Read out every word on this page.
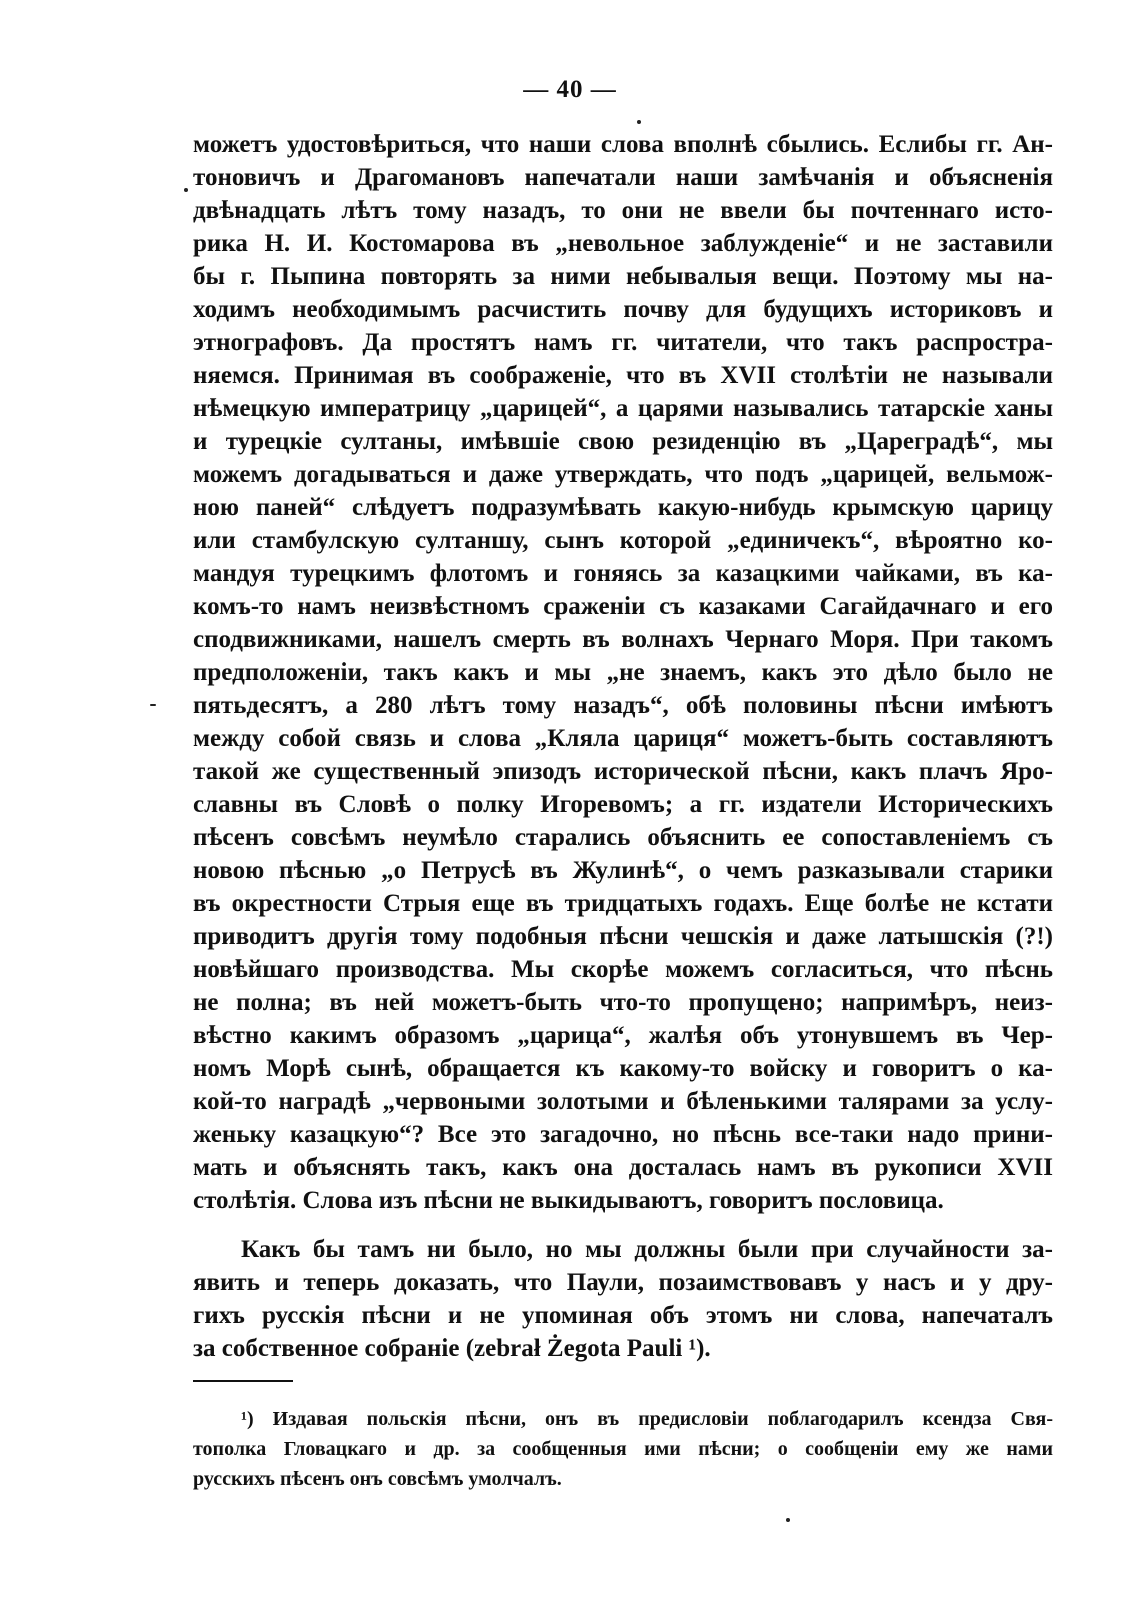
— 40 —
можетъ удостовѣриться, что наши слова вполнѣ сбылись. Еслибы гг. Ан-
тоновичъ и Драгомановъ напечатали наши замѣчанія и объясненія
двѣнадцать лѣтъ тому назадъ, то они не ввели бы почтеннаго исто-
рика Н. И. Костомарова въ „невольное заблужденіе“ и не заставили
бы г. Пыпина повторять за ними небывалыя вещи. Поэтому мы на-
ходимъ необходимымъ расчистить почву для будущихъ историковъ и
этнографовъ. Да простятъ намъ гг. читатели, что такъ распростра-
няемся. Принимая въ соображеніе, что въ XVII столѣтіи не называли
нѣмецкую императрицу „царицей“, а царями назывались татарскіе ханы
и турецкіе султаны, имѣвшіе свою резиденцію въ „Цареградѣ“, мы
можемъ догадываться и даже утверждать, что подъ „царицей, вельмож-
ною паней“ слѣдуетъ подразумѣвать какую-нибудь крымскую царицу
или стамбулскую султаншу, сынъ которой „единичекъ“, вѣроятно ко-
мандуя турецкимъ флотомъ и гоняясь за казацкими чайками, въ ка-
комъ-то намъ неизвѣстномъ сраженіи съ казаками Сагайдачнаго и его
сподвижниками, нашелъ смерть въ волнахъ Чернаго Моря. При такомъ
предположеніи, такъ какъ и мы „не знаемъ, какъ это дѣло было не
пятьдесятъ, а 280 лѣтъ тому назадъ“, обѣ половины пѣсни имѣютъ
между собой связь и слова „Кляла цариця“ можетъ-быть составляютъ
такой же существенный эпизодъ исторической пѣсни, какъ плачъ Яро-
славны въ Словѣ о полку Игоревомъ; а гг. издатели Историческихъ
пѣсенъ совсѣмъ неумѣло старались объяснить ее сопоставленіемъ съ
новою пѣснью „о Петрусѣ въ Жулинѣ“, о чемъ разказывали старики
въ окрестности Стрыя еще въ тридцатыхъ годахъ. Еще болѣе не кстати
приводитъ другія тому подобныя пѣсни чешскія и даже латышскія (?!)
новѣйшаго производства. Мы скорѣе можемъ согласиться, что пѣснь
не полна; въ ней можетъ-быть что-то пропущено; напримѣръ, неиз-
вѣстно какимъ образомъ „царица“, жалѣя объ утонувшемъ въ Чер-
номъ Морѣ сынѣ, обращается къ какому-то войску и говоритъ о ка-
кой-то наградѣ „червоными золотыми и бѣленькими талярами за услу-
женьку казацкую“? Все это загадочно, но пѣснь все-таки надо прини-
мать и объяснять такъ, какъ она досталась намъ въ рукописи XVII
столѣтія. Слова изъ пѣсни не выкидываютъ, говоритъ пословица.
Какъ бы тамъ ни было, но мы должны были при случайности за-
явить и теперь доказать, что Паули, позаимствовавъ у насъ и у дру-
гихъ русскія пѣсни и не упоминая объ этомъ ни слова, напечаталъ
за собственное собраніе (zebrał Żegota Pauli ¹).
¹) Издавая польскія пѣсни, онъ въ предисловіи поблагодарилъ ксендза Свя-
тополка Гловацкаго и др. за сообщенныя ими пѣсни; о сообщеніи ему же нами
русскихъ пѣсенъ онъ совсѣмъ умолчалъ.
